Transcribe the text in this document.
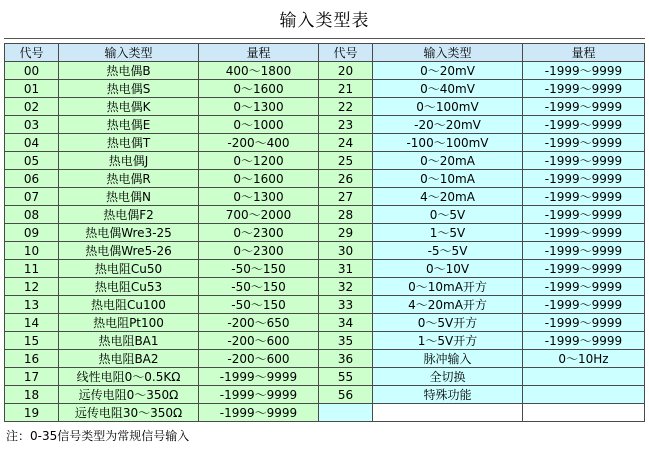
输入类型表
代号	输入类型	量程	代号	输入类型	量程
00	热电偶B	400～1800	20	0～20mV	-1999～9999
01	热电偶S	0～1600	21	0～40mV	-1999～9999
02	热电偶K	0～1300	22	0～100mV	-1999～9999
03	热电偶E	0～1000	23	-20～20mV	-1999～9999
04	热电偶T	-200～400	24	-100～100mV	-1999～9999
05	热电偶J	0～1200	25	0～20mA	-1999～9999
06	热电偶R	0～1600	26	0～10mA	-1999～9999
07	热电偶N	0～1300	27	4～20mA	-1999～9999
08	热电偶F2	700～2000	28	0～5V	-1999～9999
09	热电偶Wre3-25	0～2300	29	1～5V	-1999～9999
10	热电偶Wre5-26	0～2300	30	-5～5V	-1999～9999
11	热电阻Cu50	-50～150	31	0～10V	-1999～9999
12	热电阻Cu53	-50～150	32	0～10mA开方	-1999～9999
13	热电阻Cu100	-50～150	33	4～20mA开方	-1999～9999
14	热电阻Pt100	-200～650	34	0～5V开方	-1999～9999
15	热电阻BA1	-200～600	35	1～5V开方	-1999～9999
16	热电阻BA2	-200～600	36	脉冲输入	0～10Hz
17	线性电阻0～0.5KΩ	-1999～9999	55	全切换	
18	远传电阻0～350Ω	-1999～9999	56	特殊功能	
19	远传电阻30～350Ω	-1999～9999			
注：0-35信号类型为常规信号输入
